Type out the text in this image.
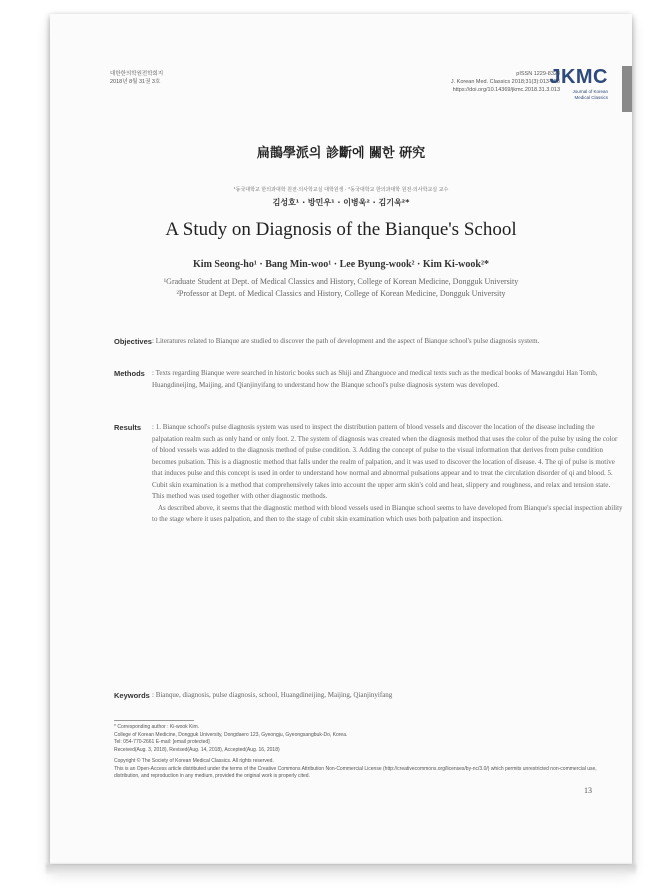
대한한의학원전학회지
2018년 8월 31권 3호
pISSN 1229-8328
J. Korean Med. Classics 2018;31(3):013-058
https://doi.org/10.14369/jkmc.2018.31.3.013
JKMC
Journal of Korean Medical Classics
扁鵲學派의 診斷에 關한 硏究
¹동국대학교 한의과대학 원전·의사학교실 대학원생 · ²동국대학교 한의과대학 원전·의사학교실 교수
김성호¹ · 방민우¹ · 이병욱² · 김기욱²*
A Study on Diagnosis of the Bianque's School
Kim Seong-ho¹ · Bang Min-woo¹ · Lee Byung-wook² · Kim Ki-wook²*
¹Graduate Student at Dept. of Medical Classics and History, College of Korean Medicine, Dongguk University
²Professor at Dept. of Medical Classics and History, College of Korean Medicine, Dongguk University
Objectives : Literatures related to Bianque are studied to discover the path of development and the aspect of Bianque school's pulse diagnosis system.
Methods : Texts regarding Bianque were searched in historic books such as Shiji and Zhanguoce and medical texts such as the medical books of Mawangdui Han Tomb, Huangdineijing, Maijing, and Qianjinyifang to understand how the Bianque school's pulse diagnosis system was developed.
Results : 1. Bianque school's pulse diagnosis system was used to inspect the distribution pattern of blood vessels and discover the location of the disease including the palpatation realm such as only hand or only foot. 2. The system of diagnosis was created when the diagnosis method that uses the color of the pulse by using the color of blood vessels was added to the diagnosis method of pulse condition. 3. Adding the concept of pulse to the visual information that derives from pulse condition becomes pulsation. This is a diagnostic method that falls under the realm of palpation, and it was used to discover the location of disease. 4. The qi of pulse is motive that induces pulse and this concept is used in order to understand how normal and abnormal pulsations appear and to treat the circulation disorder of qi and blood. 5. Cubit skin examination is a method that comprehensively takes into account the upper arm skin's cold and heat, slippery and roughness, and relax and tension state. This method was used together with other diagnostic methods.
As described above, it seems that the diagnostic method with blood vessels used in Bianque school seems to have developed from Bianque's special inspection ability to the stage where it uses palpation, and then to the stage of cubit skin examination which uses both palpation and inspection.
Keywords : Bianque, diagnosis, pulse diagnosis, school, Huangdineijing, Maijing, Qianjinyifang
* Corresponding author : Ki-wook Kim.
College of Korean Medicine, Dongguk University, Dongdaero 123, Gyeongju, Gyeongsangbuk-Do, Korea.
Tel: 054-770-2661 E-mail: [email protected]
Received(Aug. 3, 2018), Revised(Aug. 14, 2018), Accepted(Aug. 16, 2018)
Copyright © The Society of Korean Medical Classics. All rights reserved.
This is an Open-Access article distributed under the terms of the Creative Commons Attribution Non-Commercial License (http://creativecommons.org/licenses/by-nc/3.0/) which permits unrestricted non-commercial use, distribution, and reproduction in any medium, provided the original work is properly cited.
13
